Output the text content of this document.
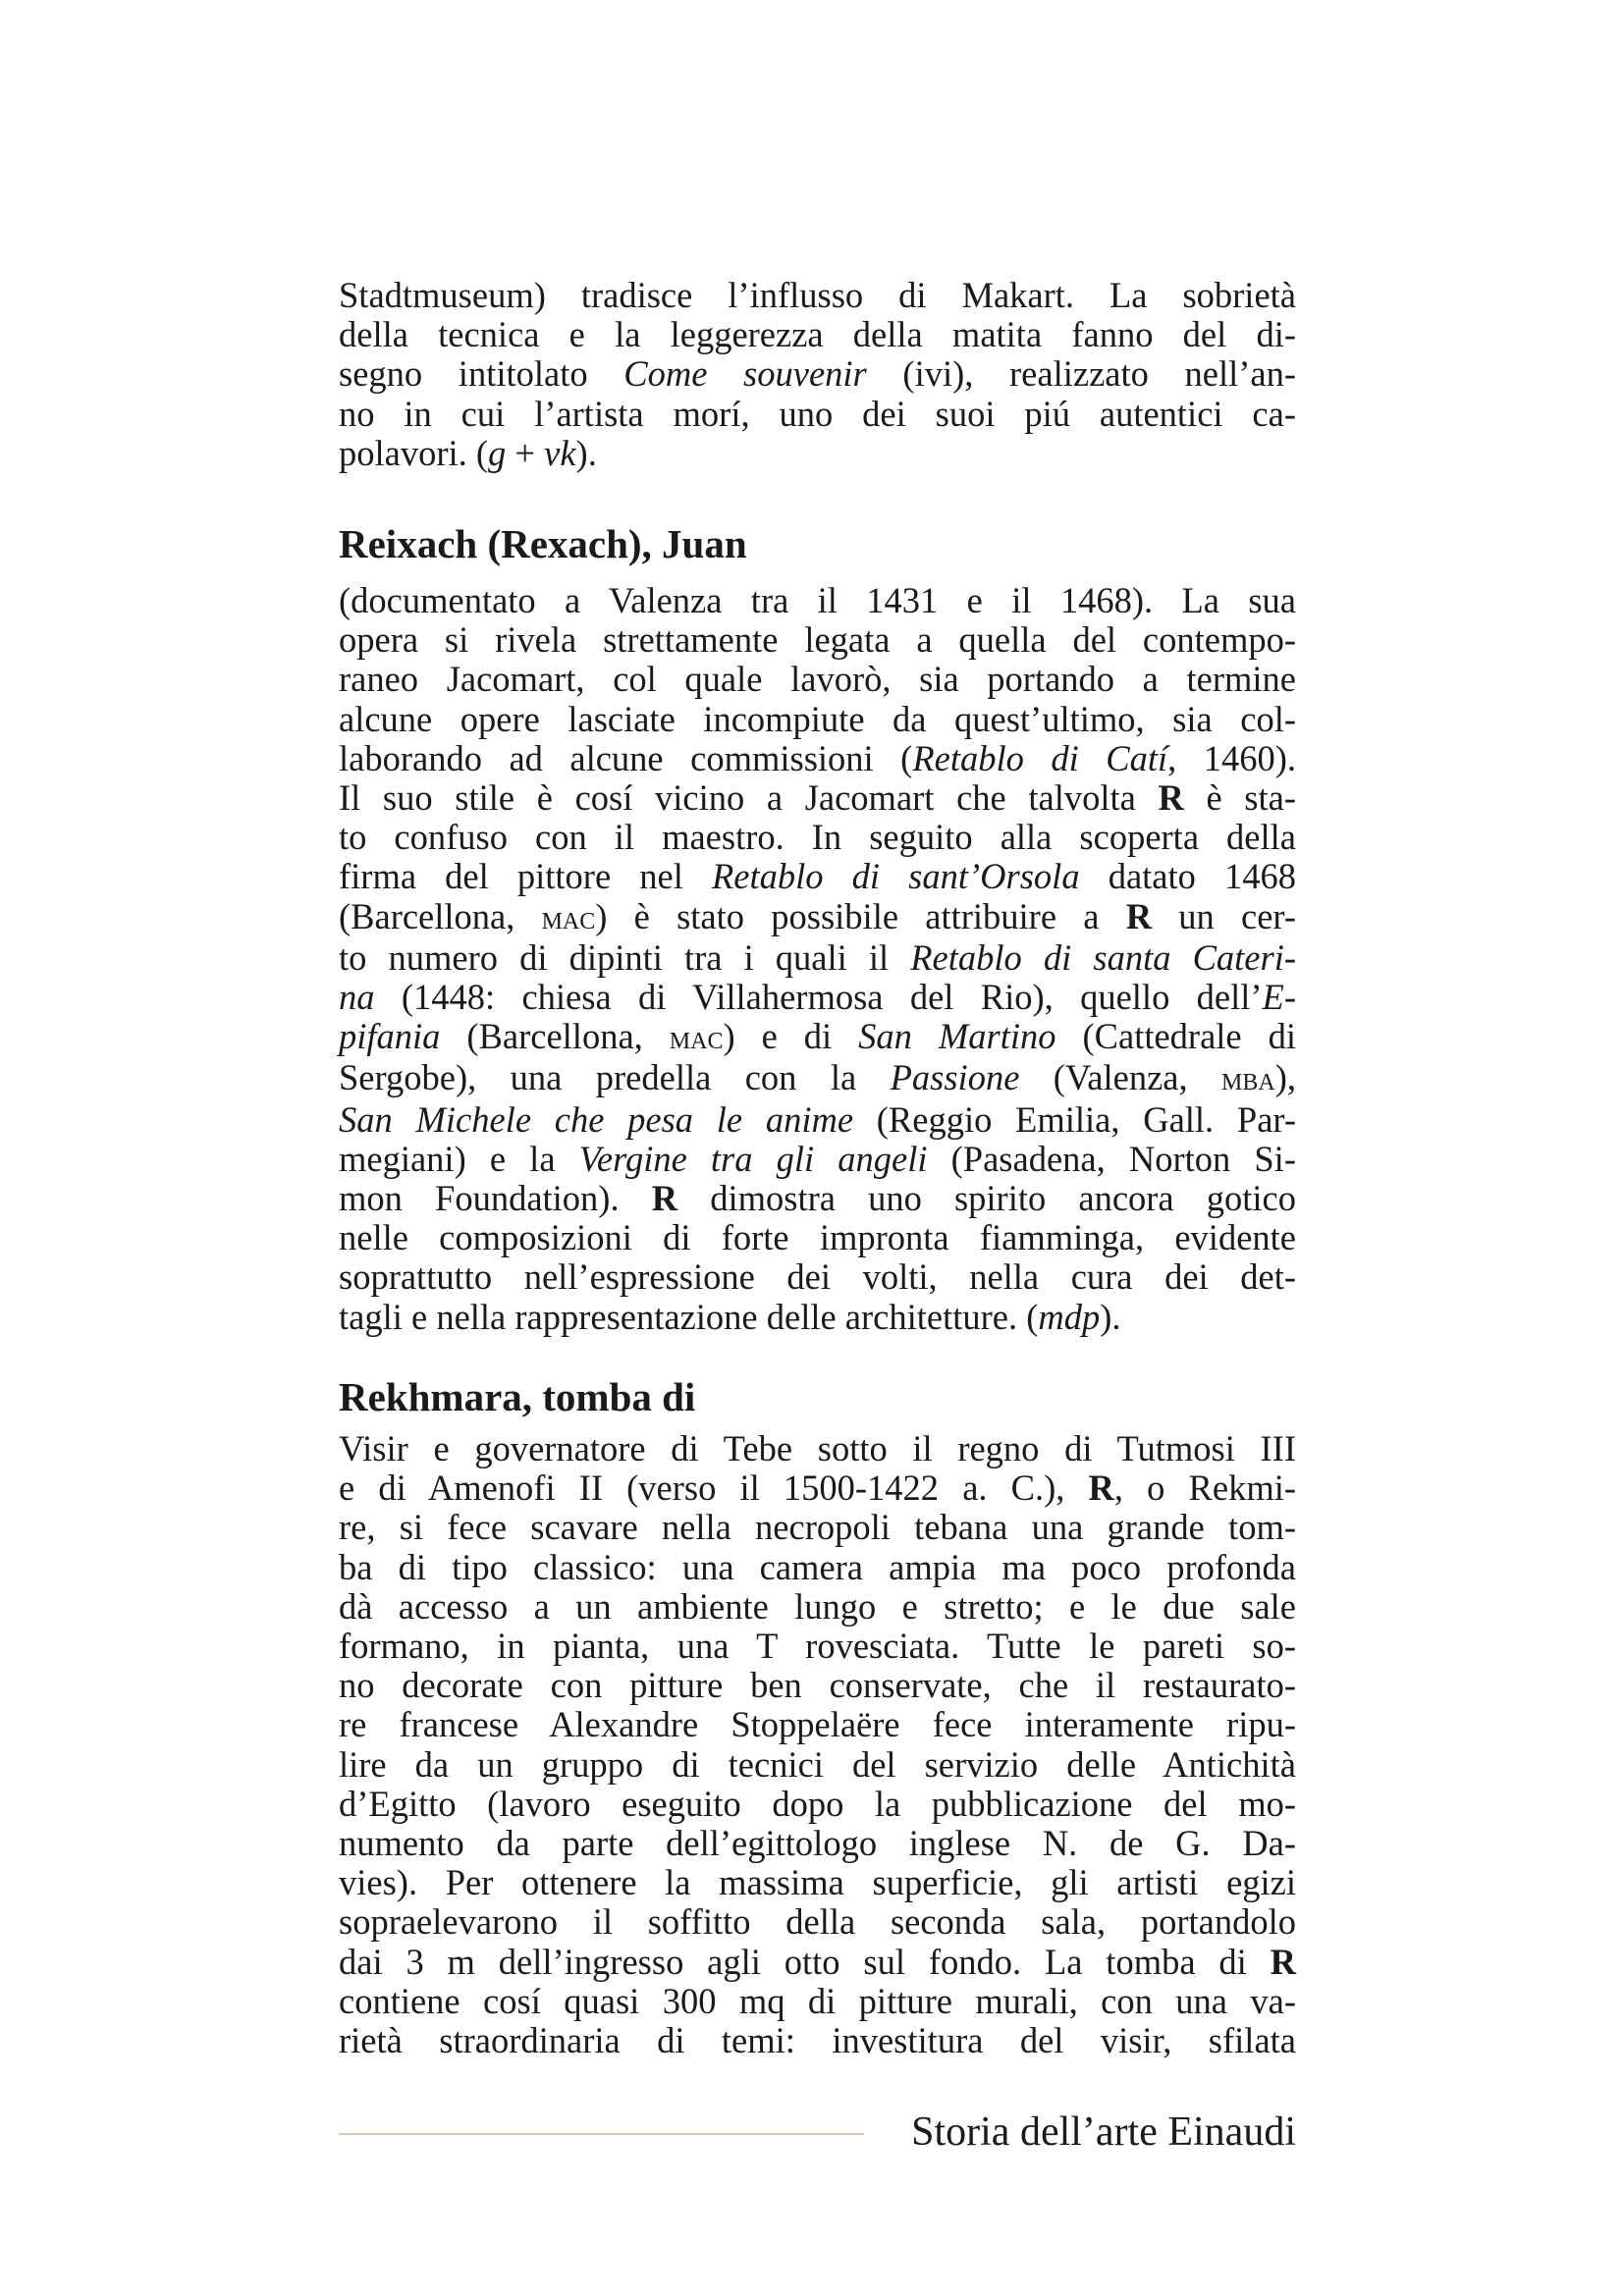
Stadtmuseum) tradisce l’influsso di Makart. La sobrietà
della tecnica e la leggerezza della matita fanno del di-
segno intitolato Come souvenir (ivi), realizzato nell’an-
no in cui l’artista morí, uno dei suoi piú autentici ca-
polavori. (g + vk).

Reixach (Rexach), Juan

(documentato a Valenza tra il 1431 e il 1468). La sua
opera si rivela strettamente legata a quella del contempo-
raneo Jacomart, col quale lavorò, sia portando a termine
alcune opere lasciate incompiute da quest’ultimo, sia col-
laborando ad alcune commissioni (Retablo di Catí, 1460).
Il suo stile è cosí vicino a Jacomart che talvolta R è sta-
to confuso con il maestro. In seguito alla scoperta della
firma del pittore nel Retablo di sant’Orsola datato 1468
(Barcellona, mac) è stato possibile attribuire a R un cer-
to numero di dipinti tra i quali il Retablo di santa Cateri-
na (1448: chiesa di Villahermosa del Rio), quello dell’E-
pifania (Barcellona, mac) e di San Martino (Cattedrale di
Sergobe), una predella con la Passione (Valenza, mba),
San Michele che pesa le anime (Reggio Emilia, Gall. Par-
megiani) e la Vergine tra gli angeli (Pasadena, Norton Si-
mon Foundation). R dimostra uno spirito ancora gotico
nelle composizioni di forte impronta fiamminga, evidente
soprattutto nell’espressione dei volti, nella cura dei det-
tagli e nella rappresentazione delle architetture. (mdp).

Rekhmara, tomba di

Visir e governatore di Tebe sotto il regno di Tutmosi III
e di Amenofi II (verso il 1500-1422 a. C.), R, o Rekmi-
re, si fece scavare nella necropoli tebana una grande tom-
ba di tipo classico: una camera ampia ma poco profonda
dà accesso a un ambiente lungo e stretto; e le due sale
formano, in pianta, una T rovesciata. Tutte le pareti so-
no decorate con pitture ben conservate, che il restaurato-
re francese Alexandre Stoppelaëre fece interamente ripu-
lire da un gruppo di tecnici del servizio delle Antichità
d’Egitto (lavoro eseguito dopo la pubblicazione del mo-
numento da parte dell’egittologo inglese N. de G. Da-
vies). Per ottenere la massima superficie, gli artisti egizi
sopraelevarono il soffitto della seconda sala, portandolo
dai 3 m dell’ingresso agli otto sul fondo. La tomba di R
contiene cosí quasi 300 mq di pitture murali, con una va-
rietà straordinaria di temi: investitura del visir, sfilata

Storia dell’arte Einaudi
